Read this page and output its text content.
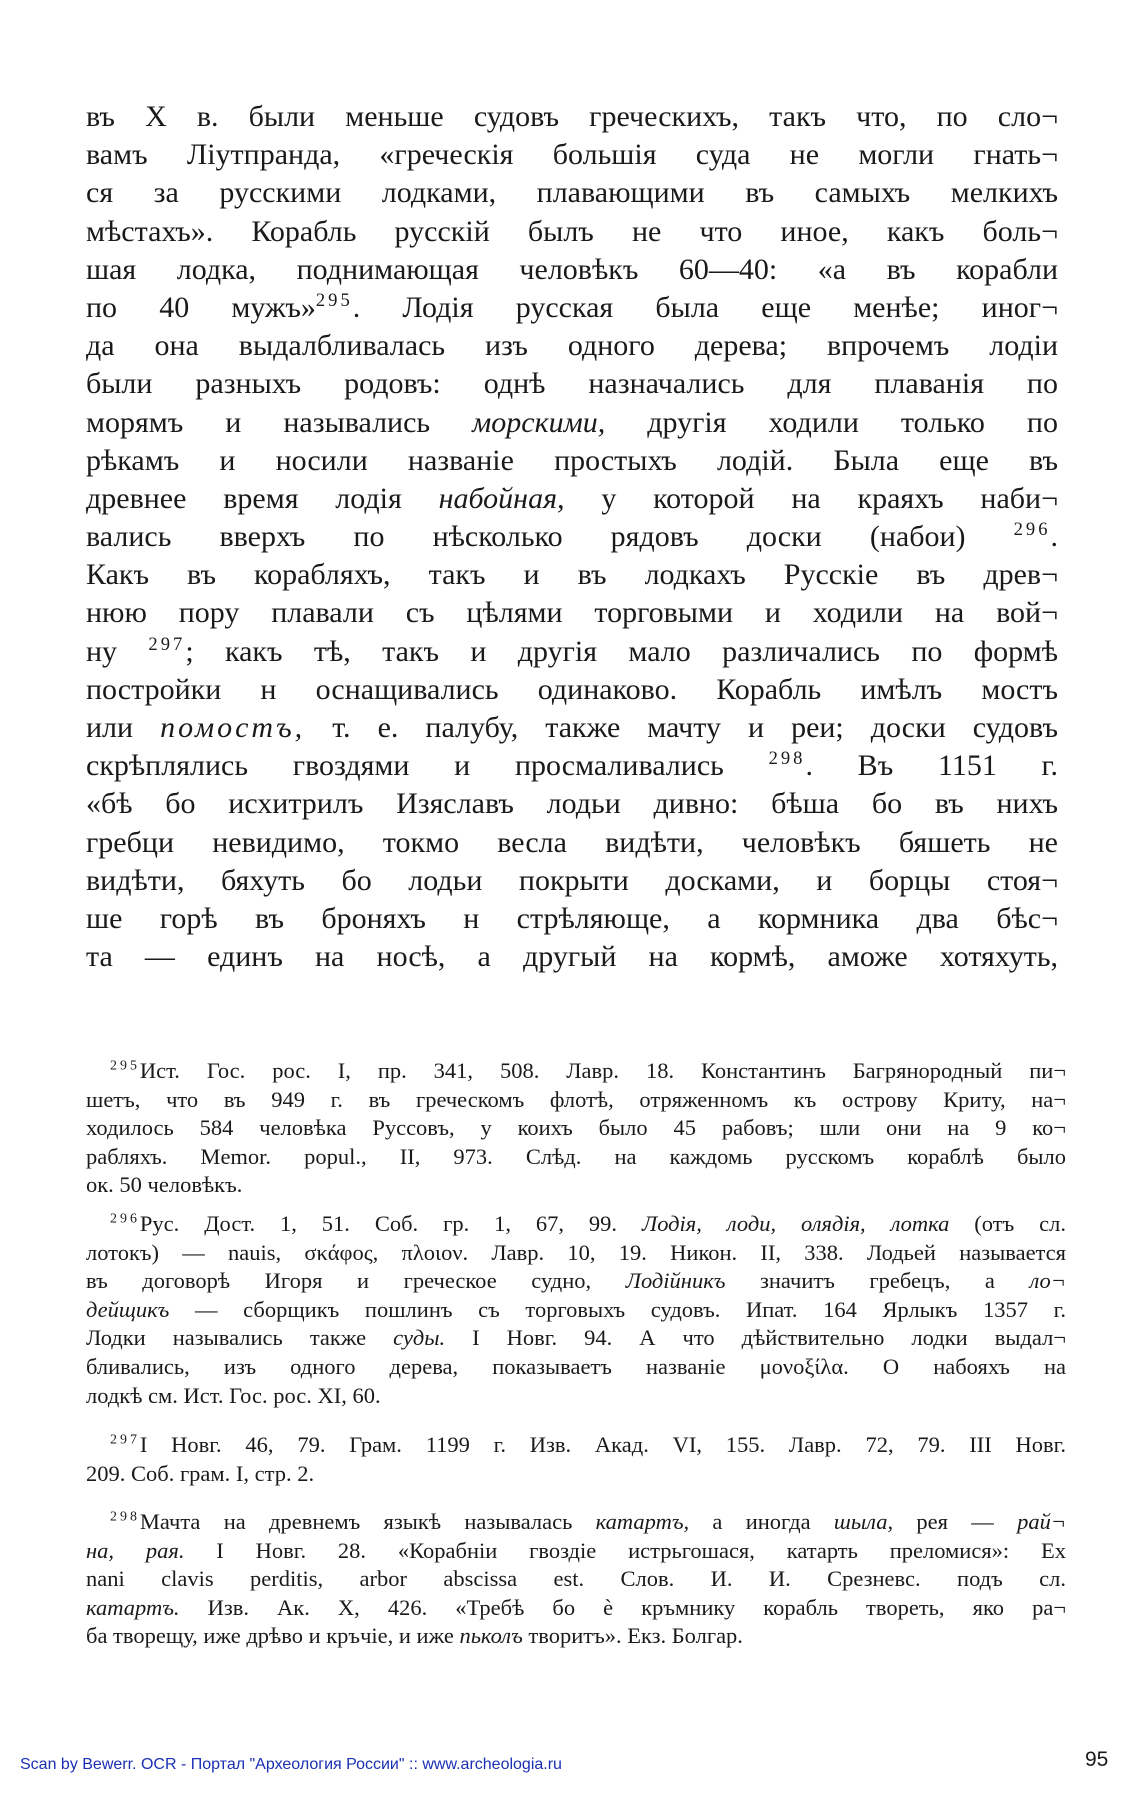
въ X в. были меньше судовъ греческихъ, такъ что, по сло¬
вамъ Ліутпранда, «греческія большія суда не могли гнать¬
ся за русскими лодками, плавающими въ самыхъ мелкихъ
мѣстахъ». Корабль русскій былъ не что иное, какъ боль¬
шая лодка, поднимающая человѣкъ 60—40: «а въ корабли
по 40 мужъ»$^{295}$. Лодія русская была еще менѣе; иног¬
да она выдалбливалась изъ одного дерева; впрочемъ лодіи
были разныхъ родовъ: однѣ назначались для плаванія по
морямъ и назывались морскими, другія ходили только по
рѣкамъ и носили названіе простыхъ лодій. Была еще въ
древнее время лодія набойная, у которой на краяхъ наби¬
вались вверхъ по нѣсколько рядовъ доски (набои)	$^{296}$.
Какъ въ корабляхъ, такъ и въ лодкахъ Русскіе въ древ¬
нюю пору плавали съ цѣлями торговыми и ходили на вой¬
ну $^{297}$; какъ тѣ, такъ и другія мало различались по формѣ
постройки н оснащивались одинаково. Корабль имѣлъ мостъ
или помостъ, т. е. палубу, также мачту и реи; доски судовъ
скрѣплялись гвоздями и просмаливались $^{298}$. Въ 1151 г.
«бѣ бо исхитрилъ Изяславъ лодьи дивно: бѣша бо въ нихъ
гребци невидимо, токмо весла видѣти, человѣкъ бяшеть не
видѣти, бяхуть бо лодьи покрыти досками, и борцы стоя¬
ше горѣ въ броняхъ н стрѣляюще, а кормника два бѣс¬
та — единъ на носѣ, а другый на кормѣ, аможе хотяхуть,
$^{295}$Ист. Гос. рос. I, пр. 341, 508. Лавр. 18. Константинъ Багрянородный пи¬
шетъ, что въ 949 г. въ греческомъ флотѣ, отряженномъ къ острову Криту, на¬
ходилось 584 человѣка Руссовъ, у коихъ было 45 рабовъ; шли они на 9 ко¬
рабляхъ. Memor. popul., II, 973. Слѣд. на каждомь русскомъ кораблѣ было
ок. 50 человѣкъ.
$^{296}$Рус. Дост. 1, 51. Соб. гр. 1, 67, 99. Лодія, лоди, олядія, лотка (отъ сл.
лотокъ) — nauis, σκάφος, πλοιον. Лавр. 10, 19. Никон. II, 338. Лодьей называется
въ договорѣ Игоря и греческое судно, Лодійникъ значитъ гребецъ, а ло¬
дейщикъ — сборщикъ пошлинъ съ торговыхъ судовъ. Ипат. 164 Ярлыкъ 1357 г.
Лодки назывались также суды. I Новг. 94. А что дѣйствительно лодки выдал¬
бливались, изъ одного дерева, показываетъ названіе μονοξίλα. О набояхъ на
лодкѣ см. Ист. Гос. рос. XI, 60.
$^{297}$I Новг. 46, 79. Грам. 1199 г. Изв. Акад. VI, 155. Лавр. 72, 79. III Новг.
209. Соб. грам. I, стр. 2.
$^{298}$Мачта на древнемъ языкѣ называлась катартъ, а иногда шыла, рея — рай¬
на, рая. I Новг. 28. «Корабніи гвоздіе истрьгошася, катарть преломися»: Ex
nani clavis perditis, arbor abscissa est. Слов. И. И. Срезневс. подъ сл.
катартъ. Изв. Ак. X, 426. «Требѣ бо ѐ кръмнику корабль твореть, яко ра¬
ба творещу, иже дрѣво и кръчіе, и иже пьколъ творитъ». Екз. Болгар.
Scan by Bewerr. OCR - Портал "Археология России" :: www.archeologia.ru	95
